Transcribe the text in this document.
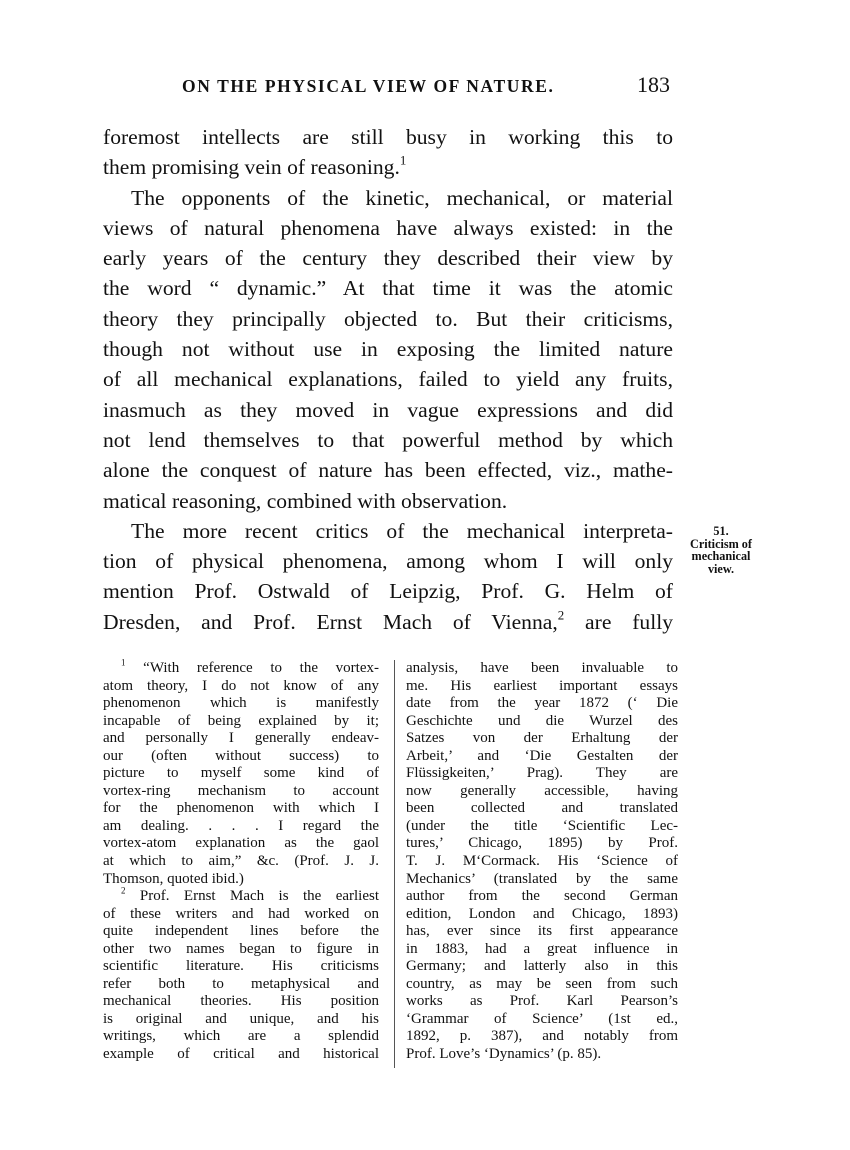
ON THE PHYSICAL VIEW OF NATURE.	183
foremost intellects are still busy in working this to
them promising vein of reasoning.$^1$
The opponents of the kinetic, mechanical, or material
views of natural phenomena have always existed: in the
early years of the century they described their view by
the word “ dynamic.” At that time it was the atomic
theory they principally objected to. But their criticisms,
though not without use in exposing the limited nature
of all mechanical explanations, failed to yield any fruits,
inasmuch as they moved in vague expressions and did
not lend themselves to that powerful method by which
alone the conquest of nature has been effected, viz., mathe-
matical reasoning, combined with observation.
The more recent critics of the mechanical interpreta-
tion of physical phenomena, among whom I will only
mention Prof. Ostwald of Leipzig, Prof. G. Helm of
Dresden, and Prof. Ernst Mach of Vienna,$^2$ are fully
51.
Criticism of
mechanical
view.
$^1$ “With reference to the vortex-
atom theory, I do not know of any
phenomenon which is manifestly
incapable of being explained by it;
and personally I generally endeav-
our (often without success) to
picture to myself some kind of
vortex-ring mechanism to account
for the phenomenon with which I
am dealing. . . . I regard the
vortex-atom explanation as the gaol
at which to aim,” &c. (Prof. J. J.
Thomson, quoted ibid.)
$^2$ Prof. Ernst Mach is the earliest
of these writers and had worked on
quite independent lines before the
other two names began to figure in
scientific literature. His criticisms
refer both to metaphysical and
mechanical theories. His position
is original and unique, and his
writings, which are a splendid
example of critical and historical
analysis, have been invaluable to
me. His earliest important essays
date from the year 1872 (‘ Die
Geschichte und die Wurzel des
Satzes von der Erhaltung der
Arbeit,’ and ‘Die Gestalten der
Flüssigkeiten,’ Prag). They are
now generally accessible, having
been collected and translated
(under the title ‘Scientific Lec-
tures,’ Chicago, 1895) by Prof.
T. J. M‘Cormack. His ‘Science of
Mechanics’ (translated by the same
author from the second German
edition, London and Chicago, 1893)
has, ever since its first appearance
in 1883, had a great influence in
Germany; and latterly also in this
country, as may be seen from such
works as Prof. Karl Pearson’s
‘Grammar of Science’ (1st ed.,
1892, p. 387), and notably from
Prof. Love’s ‘Dynamics’ (p. 85).
